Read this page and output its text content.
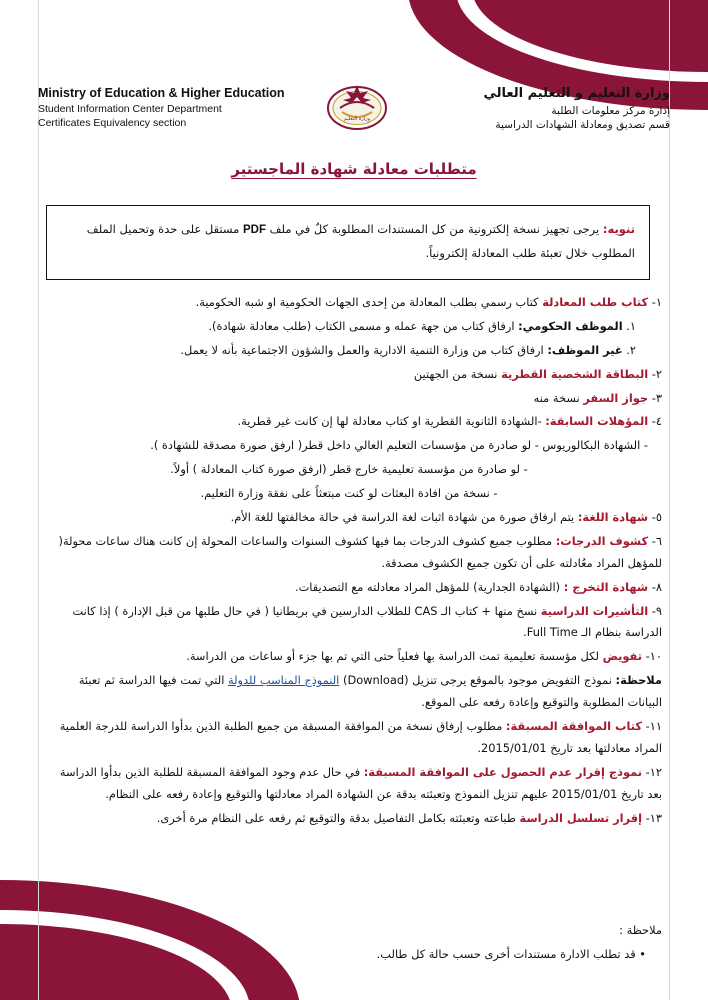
Ministry of Education & Higher Education
Student Information Center Department
Certificates Equivalency section	وزارة التعليم
وزارة التعليم و التعليم العالي
إدارة مركز معلومات الطلبة
قسم تصديق ومعادلة الشهادات الدراسية
متطلبات معادلة شهادة الماجستير
تنويه: يرجى تجهيز نسخة إلكترونية من كل المستندات المطلوبة كلٌ في ملف PDF مستقل على حدة وتحميل الملف المطلوب خلال تعبئة طلب المعادلة إلكترونياً.
١- كتاب طلب المعادلة كتاب رسمي بطلب المعادلة من إحدى الجهات الحكومية او شبه الحكومية.
١. الموظف الحكومي: ارفاق كتاب من جهة عمله و مسمى الكتاب (طلب معادلة شهادة).
٢. غير الموظف: ارفاق كتاب من وزارة التنمية الادارية والعمل والشؤون الاجتماعية بأنه لا يعمل.
٢- البطاقة الشخصية القطرية نسخة من الجهتين
٣- جواز السفر نسخة منه
٤- المؤهلات السابقة: -الشهادة الثانوية القطرية او كتاب معادلة لها إن كانت غير قطرية.
- الشهادة البكالوريوس - لو صادرة من مؤسسات التعليم العالي داخل قطر( ارفق صورة مصدقة للشهادة ).
- لو صادرة من مؤسسة تعليمية خارج قطر (ارفق صورة كتاب المعادلة ) أولاً.
- نسخة من افادة البعثات لو كنت مبتعثاً على نفقة وزارة التعليم.
٥- شهادة اللغة: يتم ارفاق صورة من شهادة اثبات لغة الدراسة في حالة مخالفتها للغة الأم.
٦- كشوف الدرجات: مطلوب جميع كشوف الدرجات بما فيها كشوف السنوات والساعات المحولة إن كانت هناك ساعات محولة( للمؤهل المراد معُادلته على أن تكون جميع الكشوف مصدقة.
٨- شهادة التخرج : (الشهادة الجدارية) للمؤهل المراد معادلته مع التصديقات.
٩- التأشيرات الدراسية نسخ منها + كتاب الـ CAS للطلاب الدارسين في بريطانيا ( في حال طلبها من قبل الإدارة ) إذا كانت الدراسة بنظام الـ Full Time.
١٠- تفويض لكل مؤسسة تعليمية تمت الدراسة بها فعلياً حتى التي تم بها جزء أو ساعات من الدراسة.
ملاحظة: نموذج التفويض موجود بالموقع يرجى تنزيل (Download) النموذج المناسب للدولة التي تمت فيها الدراسة ثم تعبئة البيانات المطلوبة والتوقيع وإعادة رفعه على الموقع.
١١- كتاب الموافقة المسبقة: مطلوب إرفاق نسخة من الموافقة المسبقة من جميع الطلبة الذين بدأوا الدراسة للدرجة العلمية المراد معادلتها بعد تاريخ 2015/01/01.
١٢- نموذج إقرار عدم الحصول على الموافقة المسبقة: في حال عدم وجود الموافقة المسبقة للطلبة الذين بدأوا الدراسة بعد تاريخ 2015/01/01 عليهم تنزيل النموذج وتعبئته بدقة عن الشهادة المراد معادلتها والتوقيع وإعادة رفعه على النظام.
١٣- إقرار تسلسل الدراسة طباعته وتعبئته بكامل التفاصيل بدقة والتوقيع ثم رفعه على النظام مرة أخرى.
ملاحظة :
• قد تطلب الادارة مستندات أخرى حسب حالة كل طالب.
